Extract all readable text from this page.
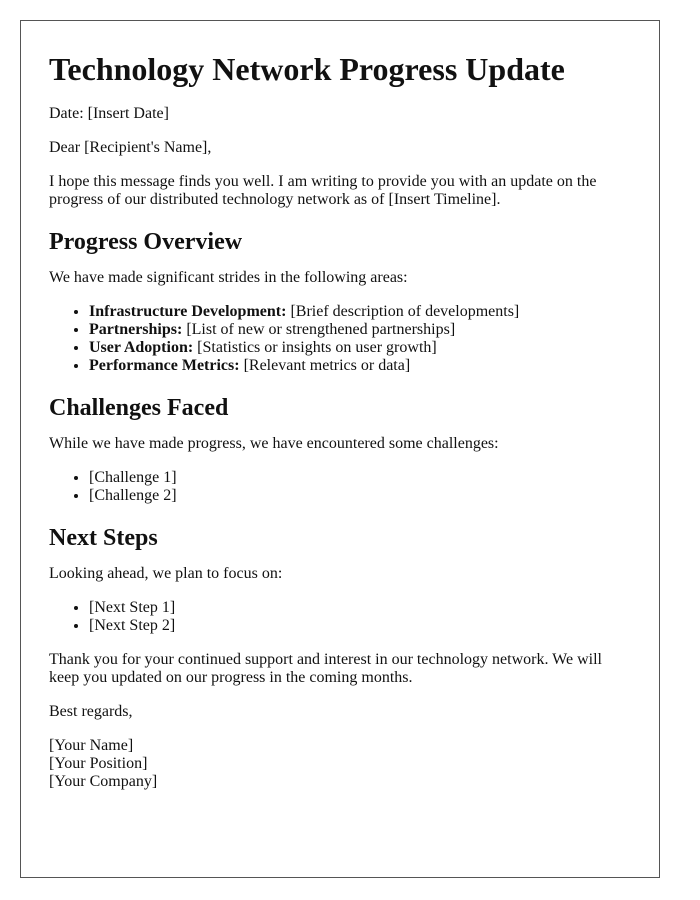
Technology Network Progress Update

Date: [Insert Date]

Dear [Recipient's Name],

I hope this message finds you well. I am writing to provide you with an update on the progress of our distributed technology network as of [Insert Timeline].

Progress Overview

We have made significant strides in the following areas:

• Infrastructure Development: [Brief description of developments]
• Partnerships: [List of new or strengthened partnerships]
• User Adoption: [Statistics or insights on user growth]
• Performance Metrics: [Relevant metrics or data]
Challenges Faced

While we have made progress, we have encountered some challenges:

• [Challenge 1]
• [Challenge 2]
Next Steps

Looking ahead, we plan to focus on:

• [Next Step 1]
• [Next Step 2]

Thank you for your continued support and interest in our technology network. We will keep you updated on our progress in the coming months.

Best regards,

[Your Name]

[Your Position]

[Your Company]
